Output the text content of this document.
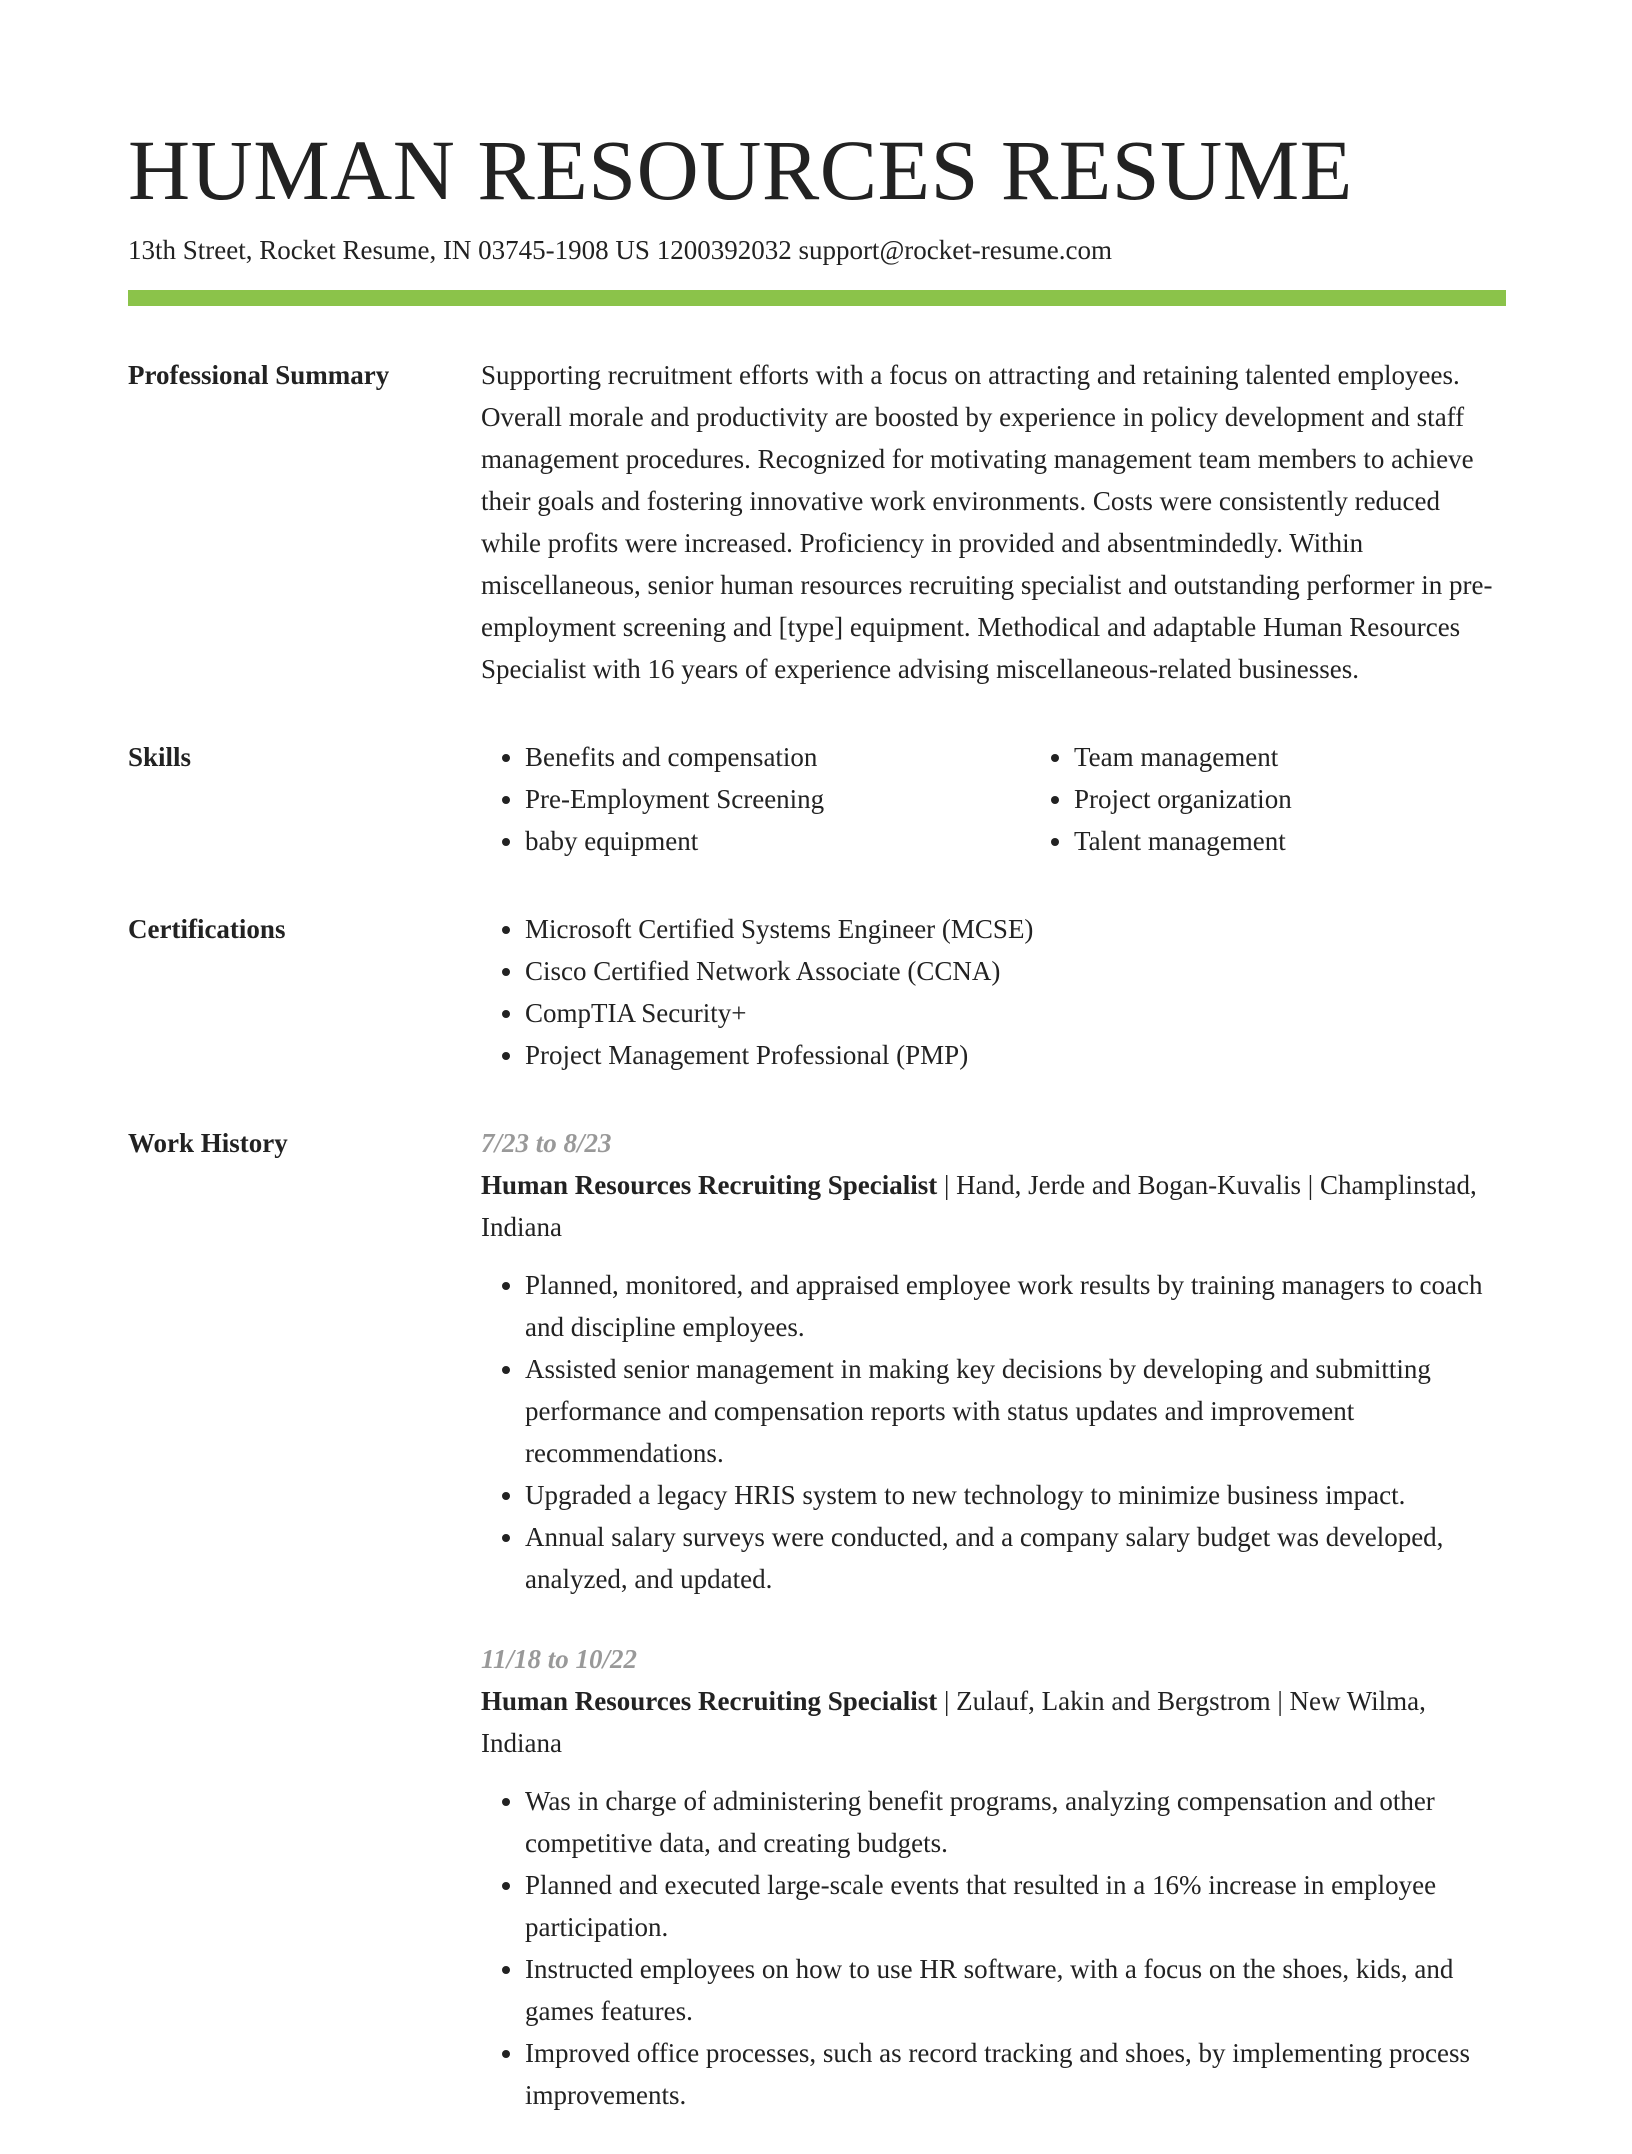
HUMAN RESOURCES RESUME
13th Street, Rocket Resume, IN 03745-1908 US 1200392032 support@rocket-resume.com
Professional Summary	Supporting recruitment efforts with a focus on attracting and retaining talented employees. Overall morale and productivity are boosted by experience in policy development and staff management procedures. Recognized for motivating management team members to achieve their goals and fostering innovative work environments. Costs were consistently reduced while profits were increased. Proficiency in provided and absentmindedly. Within miscellaneous, senior human resources recruiting specialist and outstanding performer in pre-employment screening and [type] equipment. Methodical and adaptable Human Resources Specialist with 16 years of experience advising miscellaneous-related businesses.

Skills	• Benefits and compensation
• Pre-Employment Screening
• baby equipment
• Team management
• Project organization
• Talent management
Certifications	• Microsoft Certified Systems Engineer (MCSE)
• Cisco Certified Network Associate (CCNA)
• CompTIA Security+
• Project Management Professional (PMP)
Work History	7/23 to 8/23
Human Resources Recruiting Specialist | Hand, Jerde and Bogan-Kuvalis | Champlinstad, Indiana
• Planned, monitored, and appraised employee work results by training managers to coach and discipline employees.
• Assisted senior management in making key decisions by developing and submitting performance and compensation reports with status updates and improvement recommendations.
• Upgraded a legacy HRIS system to new technology to minimize business impact.
• Annual salary surveys were conducted, and a company salary budget was developed, analyzed, and updated.
11/18 to 10/22
Human Resources Recruiting Specialist | Zulauf, Lakin and Bergstrom | New Wilma, Indiana
• Was in charge of administering benefit programs, analyzing compensation and other competitive data, and creating budgets.
• Planned and executed large-scale events that resulted in a 16% increase in employee participation.
• Instructed employees on how to use HR software, with a focus on the shoes, kids, and games features.
• Improved office processes, such as record tracking and shoes, by implementing process improvements.
